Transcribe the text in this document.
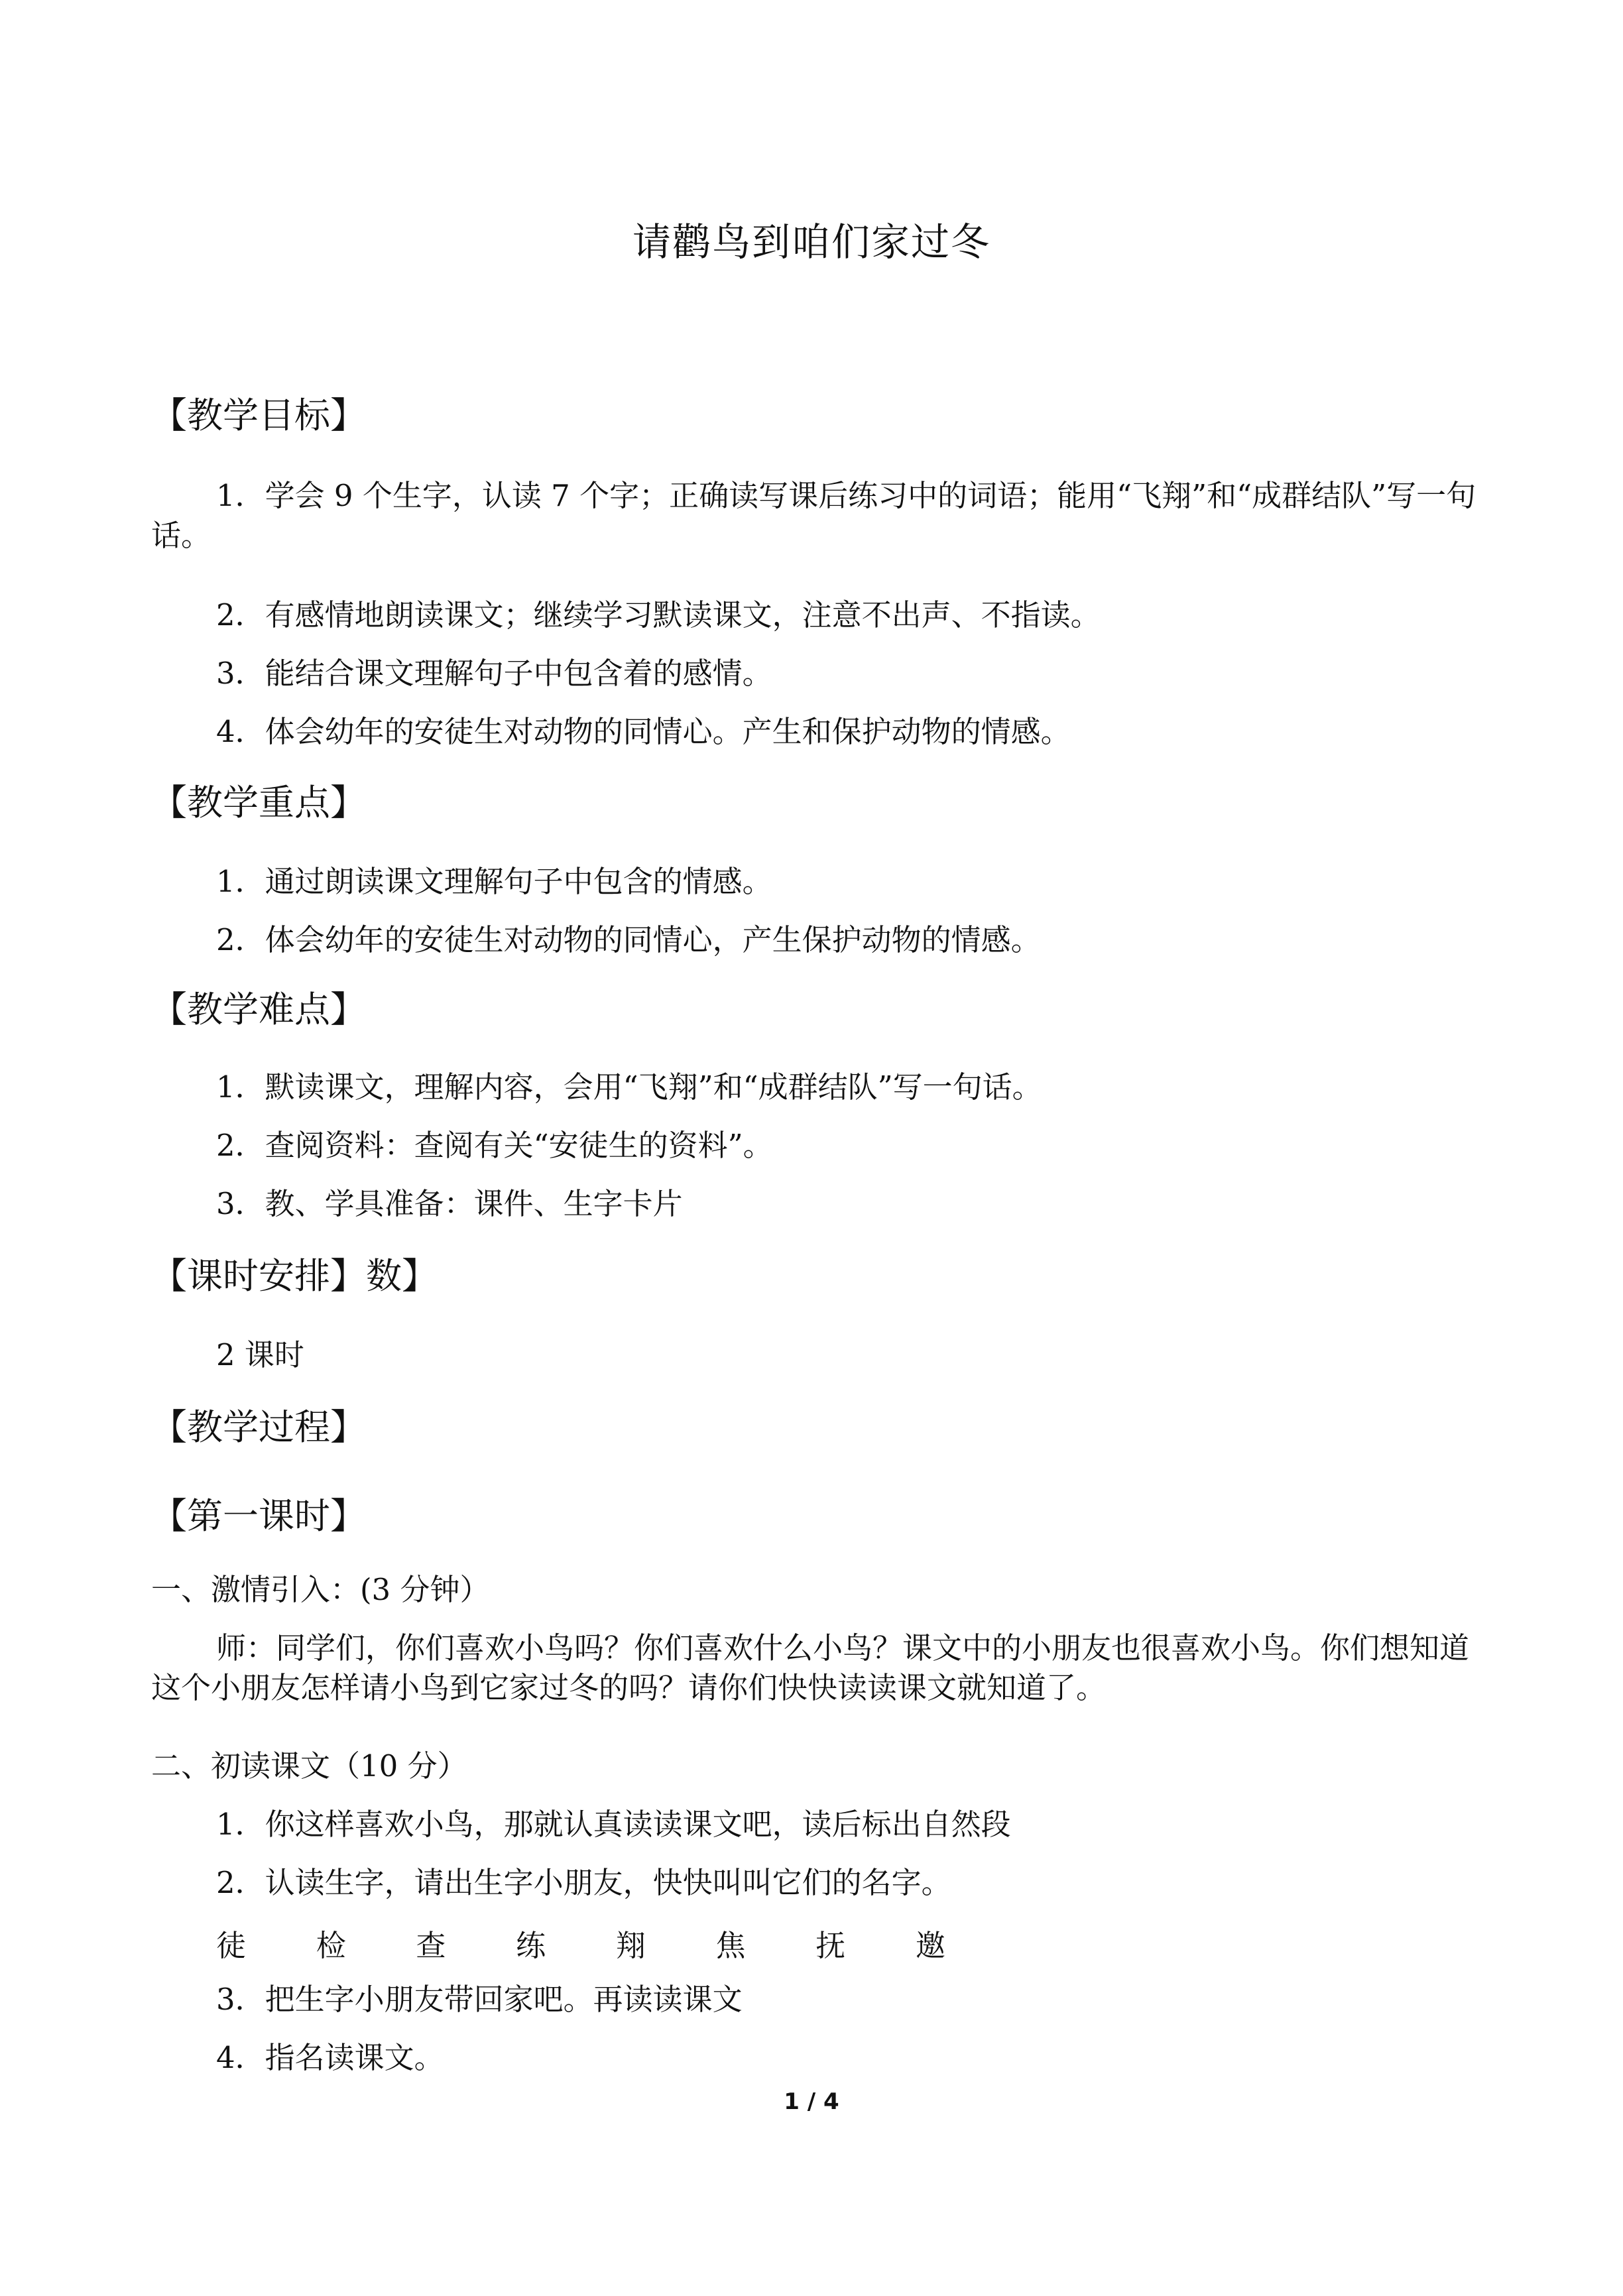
请鹳鸟到咱们家过冬
【教学目标】
1．学会 9 个生字，认读 7 个字；正确读写课后练习中的词语；能用“飞翔”和“成群结队”写一句话。
2．有感情地朗读课文；继续学习默读课文，注意不出声、不指读。
3．能结合课文理解句子中包含着的感情。
4．体会幼年的安徒生对动物的同情心。产生和保护动物的情感。
【教学重点】
1．通过朗读课文理解句子中包含的情感。
2．体会幼年的安徒生对动物的同情心，产生保护动物的情感。
【教学难点】
1．默读课文，理解内容，会用“飞翔”和“成群结队”写一句话。
2．查阅资料：查阅有关“安徒生的资料”。
3．教、学具准备：课件、生字卡片
【课时安排】数】
2 课时
【教学过程】
【第一课时】
一、激情引入：(3 分钟）
师：同学们，你们喜欢小鸟吗？你们喜欢什么小鸟？课文中的小朋友也很喜欢小鸟。你们想知道这个小朋友怎样请小鸟到它家过冬的吗？请你们快快读读课文就知道了。
二、初读课文（10 分）
1．你这样喜欢小鸟，那就认真读读课文吧，读后标出自然段
2．认读生字，请出生字小朋友，快快叫叫它们的名字。
徒 检 查 练 翔 焦 抚 邀
3．把生字小朋友带回家吧。再读读课文
4．指名读课文。
1 / 4
